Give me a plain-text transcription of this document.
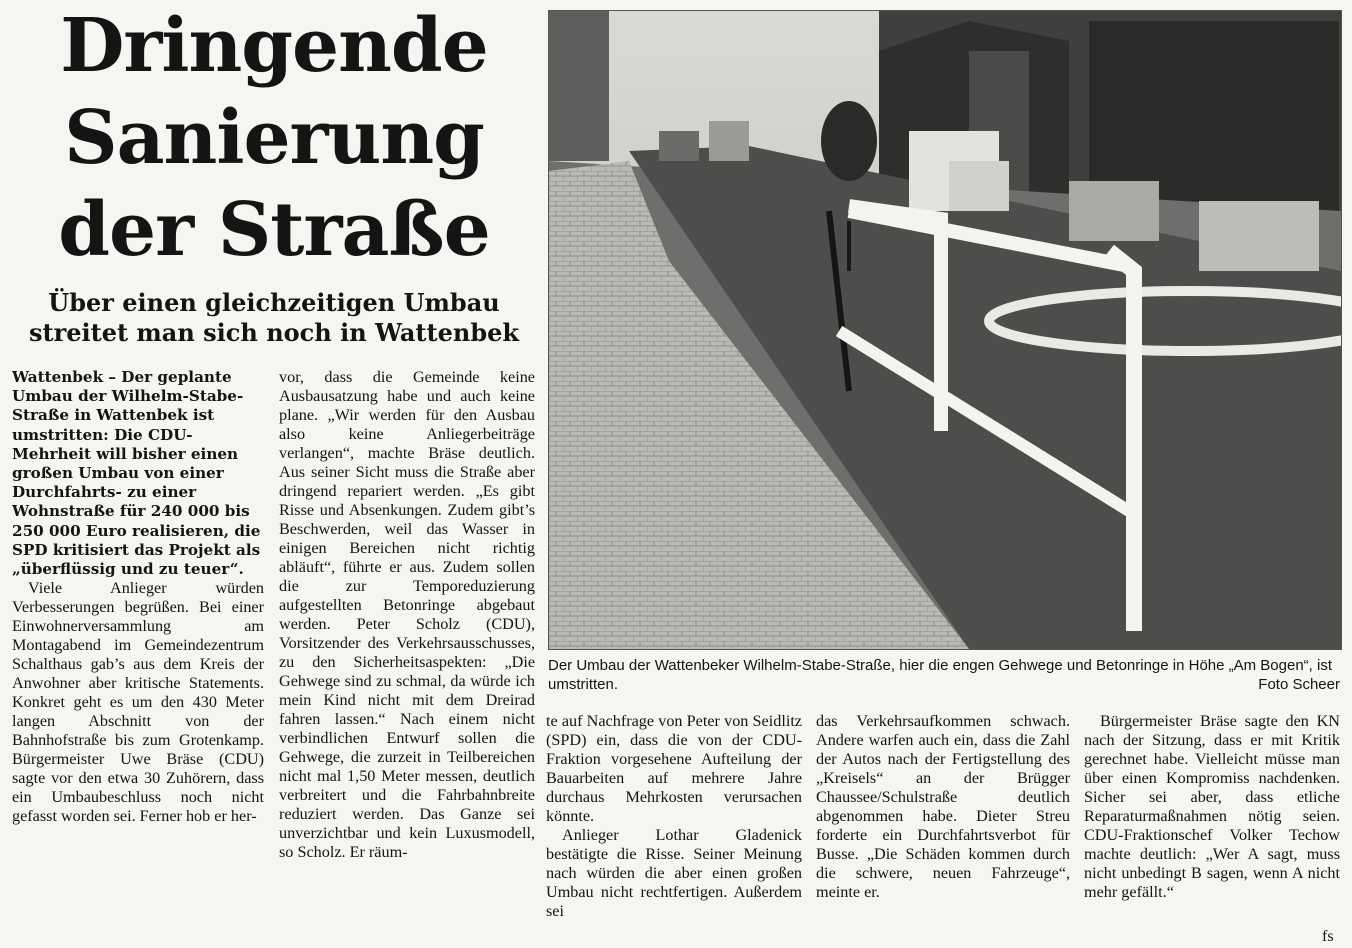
Dringende
Sanierung
der Straße
Über einen gleichzeitigen Umbau
streitet man sich noch in Wattenbek

Wattenbek – Der geplante Umbau der Wilhelm-Stabe-Straße in Wattenbek ist umstritten: Die CDU-Mehrheit will bisher einen großen Umbau von einer Durchfahrts- zu einer Wohnstraße für 240 000 bis 250 000 Euro realisieren, die SPD kritisiert das Projekt als „überflüssig und zu teuer“.

Viele Anlieger würden Verbesserungen begrüßen. Bei einer Einwohnerversammlung am Montagabend im Gemeindezentrum Schalthaus gab’s aus dem Kreis der Anwohner aber kritische Statements. Konkret geht es um den 430 Meter langen Abschnitt von der Bahnhofstraße bis zum Grotenkamp. Bürgermeister Uwe Bräse (CDU) sagte vor den etwa 30 Zuhörern, dass ein Umbaubeschluss noch nicht gefasst worden sei. Ferner hob er her-

vor, dass die Gemeinde keine Ausbausatzung habe und auch keine plane. „Wir werden für den Ausbau also keine Anliegerbeiträge verlangen“, machte Bräse deutlich. Aus seiner Sicht muss die Straße aber dringend repariert werden. „Es gibt Risse und Absenkungen. Zudem gibt’s Beschwerden, weil das Wasser in einigen Bereichen nicht richtig abläuft“, führte er aus. Zudem sollen die zur Temporeduzierung aufgestellten Betonringe abgebaut werden. Peter Scholz (CDU), Vorsitzender des Verkehrsausschusses, zu den Sicherheitsaspekten: „Die Gehwege sind zu schmal, da würde ich mein Kind nicht mit dem Dreirad fahren lassen.“ Nach einem nicht verbindlichen Entwurf sollen die Gehwege, die zurzeit in Teilbereichen nicht mal 1,50 Meter messen, deutlich verbreitert und die Fahrbahnbreite reduziert werden. Das Ganze sei unverzichtbar und kein Luxusmodell, so Scholz. Er räum-

Der Umbau der Wattenbeker Wilhelm-Stabe-Straße, hier die engen Gehwege und Betonringe in Höhe „Am Bogen“, ist umstritten.	Foto Scheer

te auf Nachfrage von Peter von Seidlitz (SPD) ein, dass die von der CDU-Fraktion vorgesehene Aufteilung der Bauarbeiten auf mehrere Jahre durchaus Mehrkosten verursachen könnte.

Anlieger Lothar Gladenick bestätigte die Risse. Seiner Meinung nach würden die aber einen großen Umbau nicht rechtfertigen. Außerdem sei

das Verkehrsaufkommen schwach. Andere warfen auch ein, dass die Zahl der Autos nach der Fertigstellung des „Kreisels“ an der Brügger Chaussee/Schulstraße deutlich abgenommen habe. Dieter Streu forderte ein Durchfahrtsverbot für Busse. „Die Schäden kommen durch die schwere, neuen Fahrzeuge“, meinte er.

Bürgermeister Bräse sagte den KN nach der Sitzung, dass er mit Kritik gerechnet habe. Vielleicht müsse man über einen Kompromiss nachdenken. Sicher sei aber, dass etliche Reparaturmaßnahmen nötig seien. CDU-Fraktionschef Volker Techow machte deutlich: „Wer A sagt, muss nicht unbedingt B sagen, wenn A nicht mehr gefällt.“

fs
